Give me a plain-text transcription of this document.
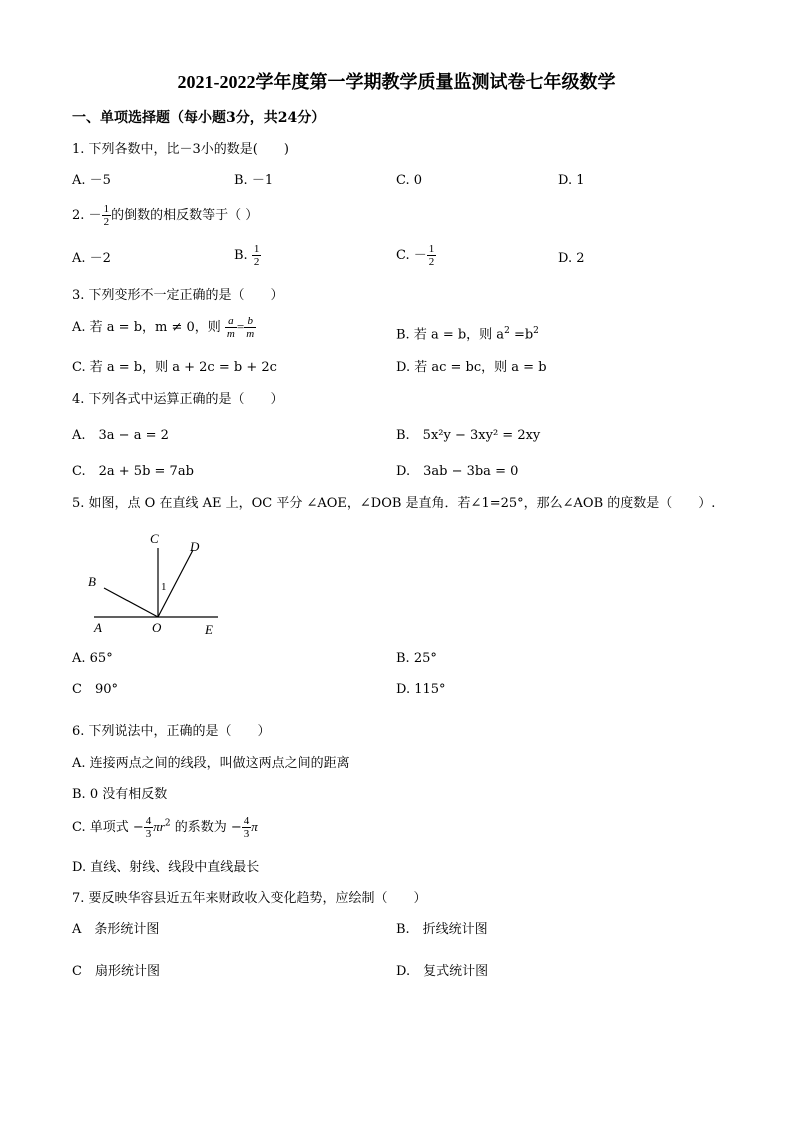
2021-2022学年度第一学期教学质量监测试卷七年级数学
一、单项选择题（每小题3分，共24分）
1. 下列各数中，比－3小的数是(　　)
A. －5	B. －1	C. 0	D. 1
2. － $\frac{1}{2}$ 的倒数的相反数等于（ ）
A. －2	B. $\frac{1}{2}$	C. － $\frac{1}{2}$	D. 2
3. 下列变形不一定正确的是（　　）
A. 若 a = b，m ≠ 0，则 $\frac{a}{m} = \frac{b}{m}$	B. 若 a = b，则 $a^2 =b^2$
C. 若 a = b，则 a + 2c = b + 2c	D. 若 ac = bc，则 a = b
4. 下列各式中运算正确的是（　　）
A.　3a − a = 2	B.　5x²y − 3xy² = 2xy
C.　2a + 5b = 7ab	D.　3ab − 3ba = 0
5. 如图，点 O 在直线 AE 上，OC 平分 ∠AOE，∠DOB 是直角．若∠1=25°，那么∠AOB 的度数是（　　）.
C
D
B	1
A	O	E
A. 65°	B. 25°
C　90°	D. 115°
6. 下列说法中，正确的是（　　）
A. 连接两点之间的线段，叫做这两点之间的距离
B. 0 没有相反数
C. 单项式 − $\frac{4}{3} \pi r^2$ 的系数为 − $\frac{4}{3}$ π
D. 直线、射线、线段中直线最长
7. 要反映华容县近五年来财政收入变化趋势，应绘制（　　）
A　条形统计图	B.　折线统计图
C　扇形统计图	D.　复式统计图
